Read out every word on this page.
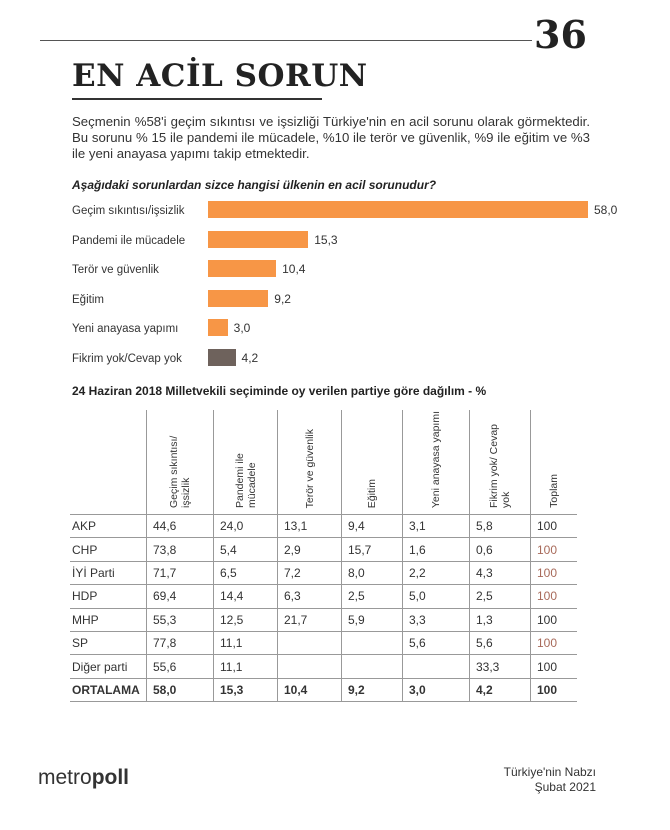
36
EN ACİL SORUN
Seçmenin %58'i geçim sıkıntısı ve işsizliği Türkiye'nin en acil sorunu olarak görmektedir. Bu sorunu % 15 ile pandemi ile mücadele, %10 ile terör ve güvenlik, %9 ile eğitim ve %3 ile yeni anayasa yapımı takip etmektedir.
Aşağıdaki sorunlardan sizce hangisi ülkenin en acil sorunudur?
Geçim sıkıntısı/işsizlik	58,0
Pandemi ile mücadele	15,3
Terör ve güvenlik	10,4
Eğitim	9,2
Yeni anayasa yapımı	3,0
Fikrim yok/Cevap yok	4,2
24 Haziran 2018 Milletvekili seçiminde oy verilen partiye göre dağılım - %

	Geçim sıkıntısı/ işsizlik	Pandemi ile mücadele	Terör ve güvenlik	Eğitim	Yeni anayasa yapımı	Fikrim yok/ Cevap yok	Toplam

AKP	44,6	24,0	13,1	9,4	3,1	5,8	100
CHP	73,8	5,4	2,9	15,7	1,6	0,6	100
İYİ Parti	71,7	6,5	7,2	8,0	2,2	4,3	100
HDP	69,4	14,4	6,3	2,5	5,0	2,5	100
MHP	55,3	12,5	21,7	5,9	3,3	1,3	100
SP	77,8	11,1			5,6	5,6	100
Diğer parti	55,6	11,1				33,3	100
ORTALAMA	58,0	15,3	10,4	9,2	3,0	4,2	100
metropoll	Türkiye'nin Nabzı
Şubat 2021
